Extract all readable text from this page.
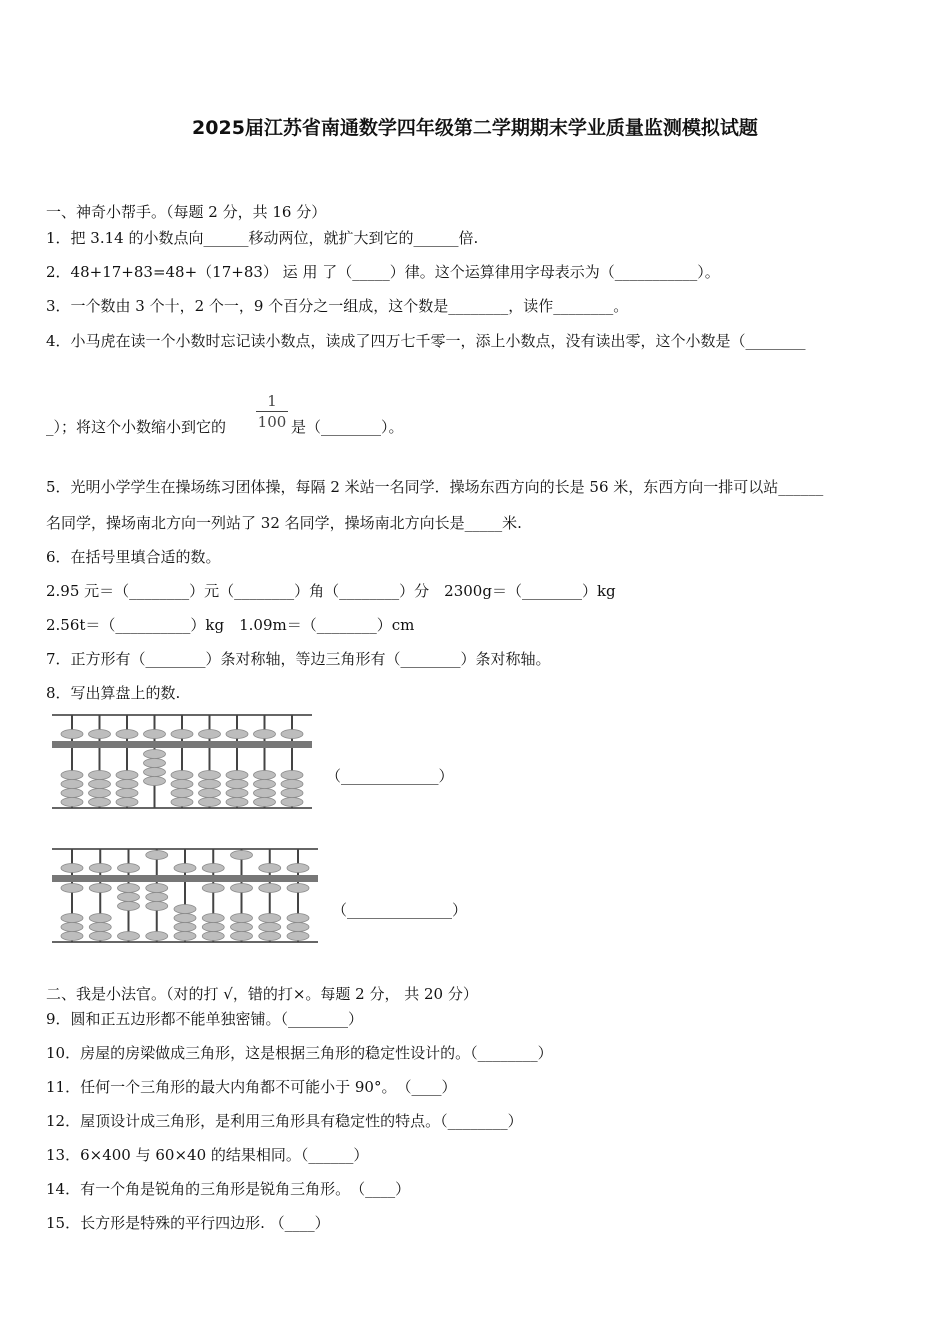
2025届江苏省南通数学四年级第二学期期末学业质量监测模拟试题
一、神奇小帮手。（每题 2 分，共 16 分）
1．把 3.14 的小数点向______移动两位，就扩大到它的______倍.
2．48+17+83=48+（17+83） 运 用 了（_____）律。这个运算律用字母表示为（___________）。
3．一个数由 3 个十，2 个一，9 个百分之一组成，这个数是________，读作________。
4．小马虎在读一个小数时忘记读小数点，读成了四万七千零一，添上小数点，没有读出零，这个小数是（________
_）；将这个小数缩小到它的
1
100 是（________）。
5．光明小学学生在操场练习团体操，每隔 2 米站一名同学．操场东西方向的长是 56 米，东西方向一排可以站______
名同学，操场南北方向一列站了 32 名同学，操场南北方向长是_____米.
6．在括号里填合适的数。
2.95 元＝（________）元（________）角（________）分　2300g＝（________）kg
2.56t＝（__________）kg　1.09m＝（________）cm
7．正方形有（________）条对称轴，等边三角形有（________）条对称轴。
8．写出算盘上的数.
（_____________）
（______________）
二、我是小法官。（对的打 √，错的打×。每题 2 分， 共 20 分）
9．圆和正五边形都不能单独密铺。（________）
10．房屋的房梁做成三角形，这是根据三角形的稳定性设计的。（________）
11．任何一个三角形的最大内角都不可能小于 90°。　（____）
12．屋顶设计成三角形，是利用三角形具有稳定性的特点。（________）
13．6×400 与 60×40 的结果相同。（______）
14．有一个角是锐角的三角形是锐角三角形。　（____）
15．长方形是特殊的平行四边形. （____）
